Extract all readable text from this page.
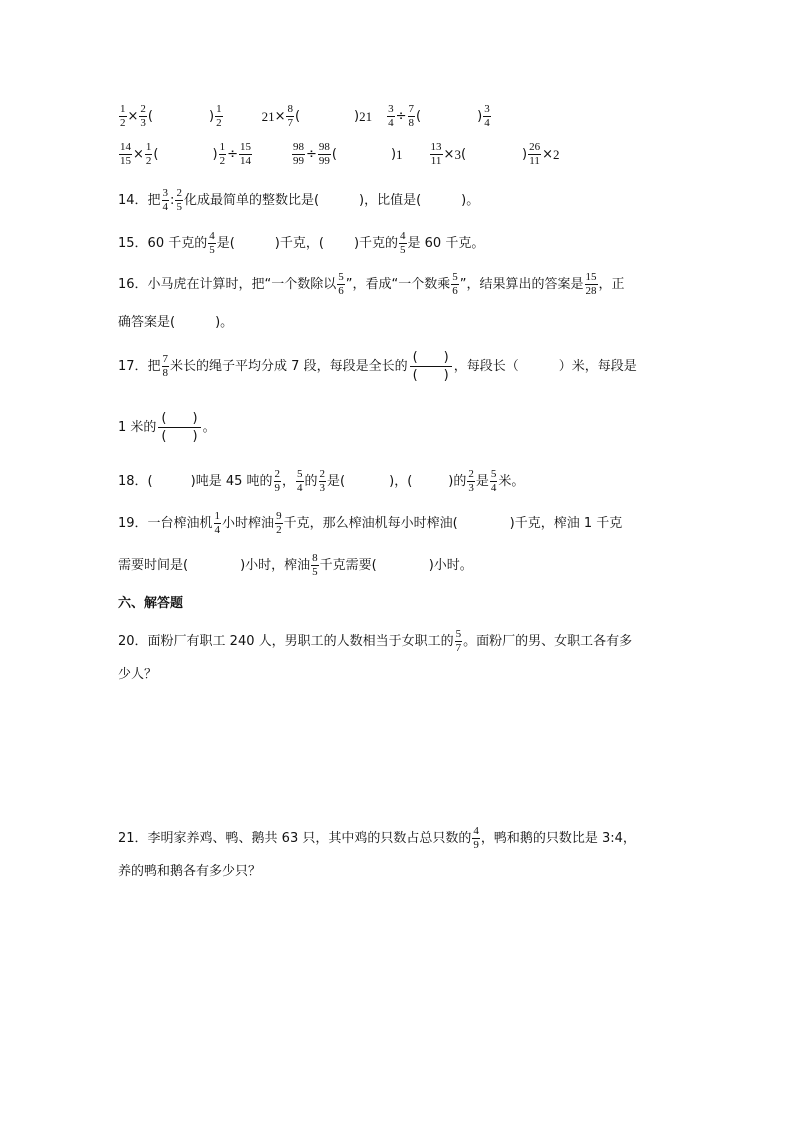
$\frac{1}{2} \times \frac{2}{3}$ (	) $\frac{1}{2}$	$21 \times \frac{8}{7}$ (	) $21 \frac{3}{4} \div \frac{7}{8}$ (	) $\frac{3}{4}$
$\frac{14}{15} \times \frac{1}{2}$ (	) $\frac{1}{2} \div \frac{15}{14}$	$\frac{98}{99} \div \frac{98}{99}$ (	) $1 \frac{13}{11} \times 3$ (	) $\frac{26}{11} \times 2$
14．把 $\frac{3}{4}$ : $\frac{2}{5}$ 化成最简单的整数比是(	)，比值是(	)。
15．60 千克的 $\frac{4}{5}$ 是(	)千克，( )千克的 $\frac{4}{5}$ 是 60 千克。
16．小马虎在计算时，把“一个数除以 $\frac{5}{6}$ ”，看成“一个数乘 $\frac{5}{6}$ ”，结果算出的答案是 $\frac{15}{28}$ ，正
确答案是(	)。
17．把 $\frac{7}{8}$ 米长的绳子平均分成 7 段，每段是全长的 $\frac{( )}{( )}$ ，每段长（	）米，每段是
1 米的 $\frac{( )}{( )}$ 。
18．(	)吨是 45 吨的 $\frac{2}{9}$ ， $\frac{5}{4}$ 的 $\frac{2}{3}$ 是(	)，(	)的 $\frac{2}{3}$ 是 $\frac{5}{4}$ 米。
19．一台榨油机 $\frac{1}{4}$ 小时榨油 $\frac{9}{2}$ 千克，那么榨油机每小时榨油(	)千克，榨油 1 千克
需要时间是(	)小时，榨油 $\frac{8}{5}$ 千克需要(	)小时。
六、解答题
20．面粉厂有职工 240 人，男职工的人数相当于女职工的 $\frac{5}{7}$ 。面粉厂的男、女职工各有多
少人？
21．李明家养鸡、鸭、鹅共 63 只，其中鸡的只数占总只数的 $\frac{4}{9}$ ，鸭和鹅的只数比是 3:4，
养的鸭和鹅各有多少只？
